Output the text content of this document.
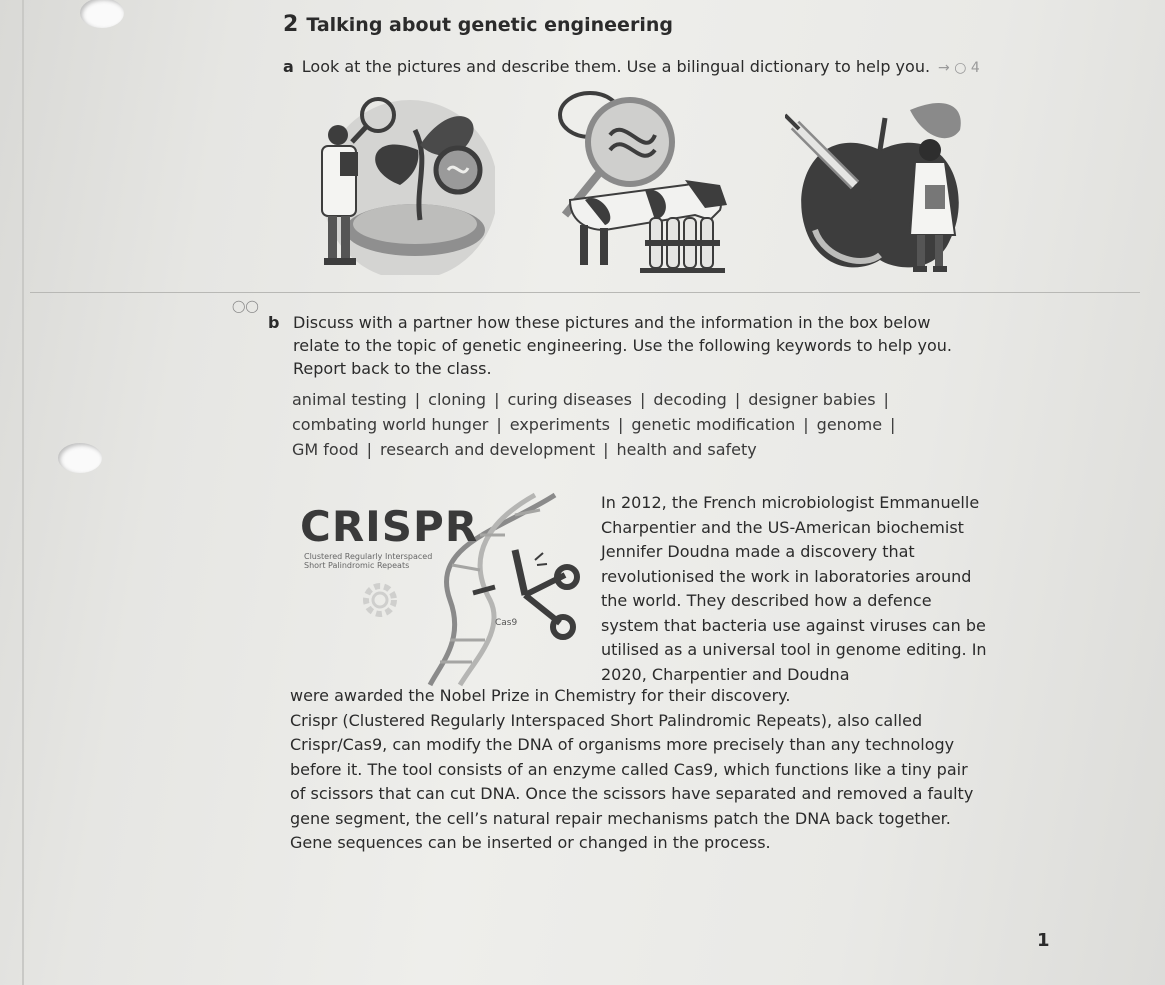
2 Talking about genetic engineering
a Look at the pictures and describe them. Use a bilingual dictionary to help you. → ○ 4
◯◯
b Discuss with a partner how these pictures and the information in the box below

relate to the topic of genetic engineering. Use the following keywords to help you.

Report back to the class.

animal testing | cloning | curing diseases | decoding | designer babies |
combating world hunger | experiments | genetic modification | genome |
GM food | research and development | health and safety
CRISPR
Clustered Regularly Interspaced
Short Palindromic Repeats
Cas9
In 2012, the French microbiologist Emmanuelle
Charpentier and the US-American biochemist
Jennifer Doudna made a discovery that
revolutionised the work in laboratories around
the world. They described how a defence
system that bacteria use against viruses can be
utilised as a universal tool in genome editing. In
2020, Charpentier and Doudna
were awarded the Nobel Prize in Chemistry for their discovery.
Crispr (Clustered Regularly Interspaced Short Palindromic Repeats), also called
Crispr/Cas9, can modify the DNA of organisms more precisely than any technology
before it. The tool consists of an enzyme called Cas9, which functions like a tiny pair
of scissors that can cut DNA. Once the scissors have separated and removed a faulty
gene segment, the cell’s natural repair mechanisms patch the DNA back together.
Gene sequences can be inserted or changed in the process.
1
